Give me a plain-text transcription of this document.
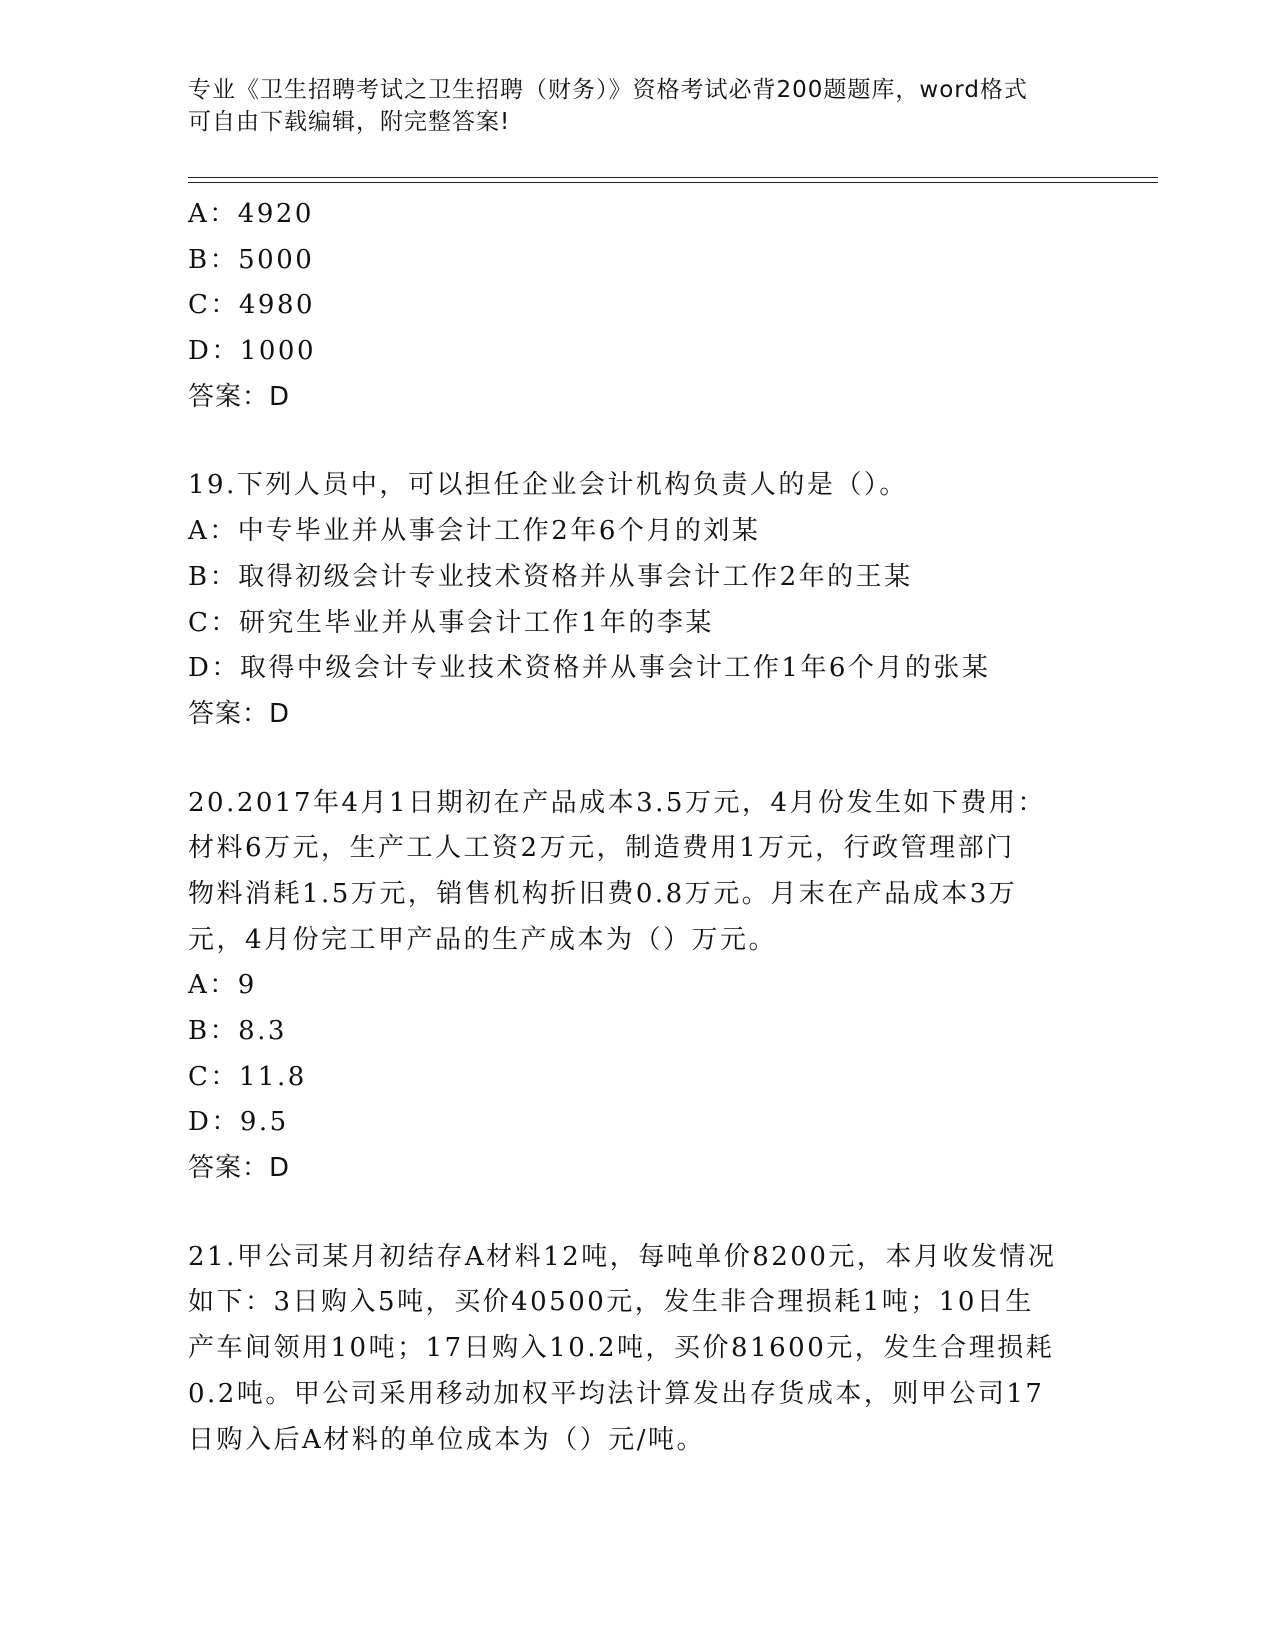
专业《卫生招聘考试之卫生招聘（财务）》资格考试必背200题题库，word格式

可自由下载编辑，附完整答案!

A：4920
B：5000
C：4980
D：1000
答案：D
19.下列人员中，可以担任企业会计机构负责人的是（）。
A：中专毕业并从事会计工作2年6个月的刘某
B：取得初级会计专业技术资格并从事会计工作2年的王某
C：研究生毕业并从事会计工作1年的李某
D：取得中级会计专业技术资格并从事会计工作1年6个月的张某
答案：D
20.2017年4月1日期初在产品成本3.5万元，4月份发生如下费用：
材料6万元，生产工人工资2万元，制造费用1万元，行政管理部门
物料消耗1.5万元，销售机构折旧费0.8万元。月末在产品成本3万
元，4月份完工甲产品的生产成本为（）万元。
A：9
B：8.3
C：11.8
D：9.5
答案：D
21.甲公司某月初结存A材料12吨，每吨单价8200元，本月收发情况
如下：3日购入5吨，买价40500元，发生非合理损耗1吨；10日生
产车间领用10吨；17日购入10.2吨，买价81600元，发生合理损耗
0.2吨。甲公司采用移动加权平均法计算发出存货成本，则甲公司17
日购入后A材料的单位成本为（）元/吨。
